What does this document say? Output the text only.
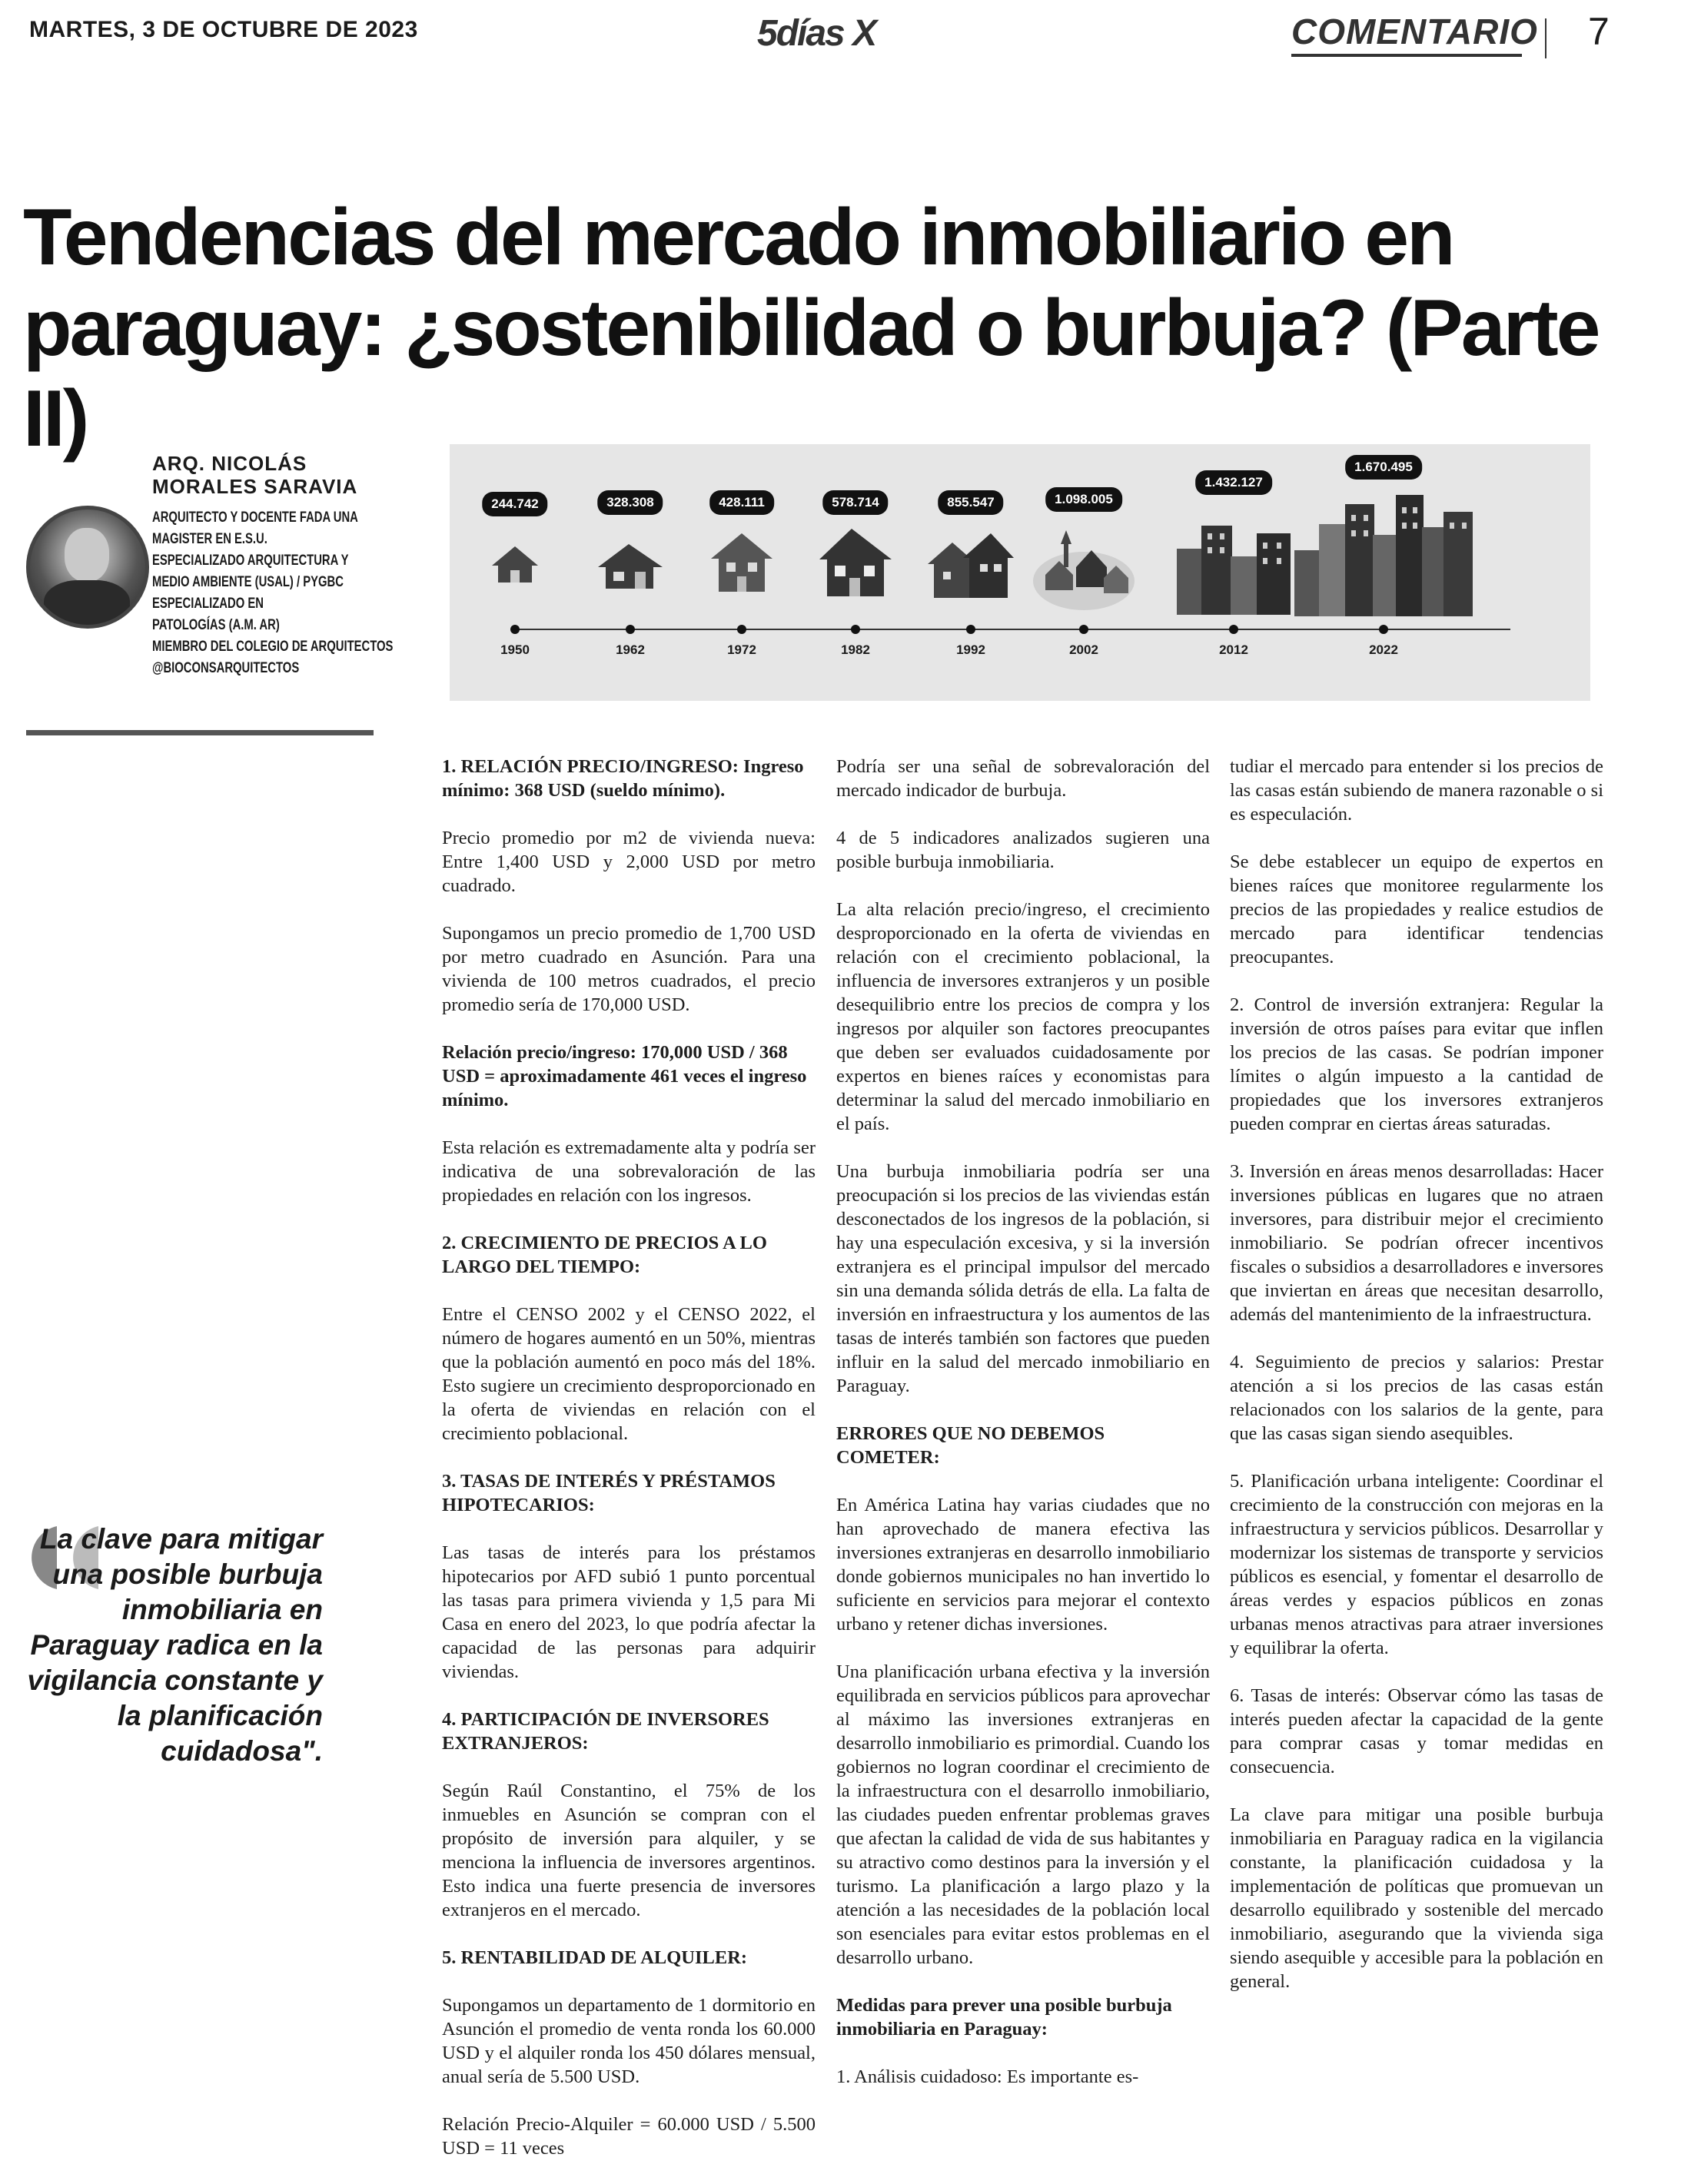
MARTES, 3 DE OCTUBRE DE 2023	5días X	COMENTARIO 7
Tendencias del mercado inmobiliario en paraguay: ¿sostenibilidad o burbuja? (Parte II)	ARQ. NICOLÁS
MORALES SARAVIA
ARQUITECTO Y DOCENTE FADA UNA
MAGISTER EN E.S.U.
ESPECIALIZADO ARQUITECTURA Y
MEDIO AMBIENTE (USAL) / PYGBC
ESPECIALIZADO EN
PATOLOGÍAS (A.M. AR)
MIEMBRO DEL COLEGIO DE ARQUITECTOS
@BIOCONSARQUITECTOS
244.742
1950
328.308
1962
428.111
1972
578.714
1982
855.547
1992
1.098.005
2002
1.432.127
2012
1.670.495
2022
La clave para mitigar una posible burbuja inmobiliaria en Paraguay radica en la vigilancia constante y la planificación cuidadosa".

1. RELACIÓN PRECIO/INGRESO: Ingreso mínimo: 368 USD (sueldo mínimo).

Precio promedio por m2 de vivienda nueva: Entre 1,400 USD y 2,000 USD por metro cuadrado.

Supongamos un precio promedio de 1,700 USD por metro cuadrado en Asunción. Para una vivienda de 100 metros cuadrados, el precio promedio sería de 170,000 USD.

Relación precio/ingreso: 170,000 USD / 368 USD = aproximadamente 461 veces el ingreso mínimo.

Esta relación es extremadamente alta y podría ser indicativa de una sobrevaloración de las propiedades en relación con los ingresos.

2. CRECIMIENTO DE PRECIOS A LO LARGO DEL TIEMPO:

Entre el CENSO 2002 y el CENSO 2022, el número de hogares aumentó en un 50%, mientras que la población aumentó en poco más del 18%. Esto sugiere un crecimiento desproporcionado en la oferta de viviendas en relación con el crecimiento poblacional.

3. TASAS DE INTERÉS Y PRÉSTAMOS HIPOTECARIOS:

Las tasas de interés para los préstamos hipotecarios por AFD subió 1 punto porcentual las tasas para primera vivienda y 1,5 para Mi Casa en enero del 2023, lo que podría afectar la capacidad de las personas para adquirir viviendas.

4. PARTICIPACIÓN DE INVERSORES EXTRANJEROS:

Según Raúl Constantino, el 75% de los inmuebles en Asunción se compran con el propósito de inversión para alquiler, y se menciona la influencia de inversores argentinos. Esto indica una fuerte presencia de inversores extranjeros en el mercado.

5. RENTABILIDAD DE ALQUILER:

Supongamos un departamento de 1 dormitorio en Asunción el promedio de venta ronda los 60.000 USD y el alquiler ronda los 450 dólares mensual, anual sería de 5.500 USD.

Relación Precio-Alquiler = 60.000 USD / 5.500 USD = 11 veces

Podría ser una señal de sobrevaloración del mercado indicador de burbuja.

4 de 5 indicadores analizados sugieren una posible burbuja inmobiliaria.

La alta relación precio/ingreso, el crecimiento desproporcionado en la oferta de viviendas en relación con el crecimiento poblacional, la influencia de inversores extranjeros y un posible desequilibrio entre los precios de compra y los ingresos por alquiler son factores preocupantes que deben ser evaluados cuidadosamente por expertos en bienes raíces y economistas para determinar la salud del mercado inmobiliario en el país.

Una burbuja inmobiliaria podría ser una preocupación si los precios de las viviendas están desconectados de los ingresos de la población, si hay una especulación excesiva, y si la inversión extranjera es el principal impulsor del mercado sin una demanda sólida detrás de ella. La falta de inversión en infraestructura y los aumentos de las tasas de interés también son factores que pueden influir en la salud del mercado inmobiliario en Paraguay.

ERRORES QUE NO DEBEMOS COMETER:

En América Latina hay varias ciudades que no han aprovechado de manera efectiva las inversiones extranjeras en desarrollo inmobiliario donde gobiernos municipales no han invertido lo suficiente en servicios para mejorar el contexto urbano y retener dichas inversiones.

Una planificación urbana efectiva y la inversión equilibrada en servicios públicos para aprovechar al máximo las inversiones extranjeras en desarrollo inmobiliario es primordial. Cuando los gobiernos no logran coordinar el crecimiento de la infraestructura con el desarrollo inmobiliario, las ciudades pueden enfrentar problemas graves que afectan la calidad de vida de sus habitantes y su atractivo como destinos para la inversión y el turismo. La planificación a largo plazo y la atención a las necesidades de la población local son esenciales para evitar estos problemas en el desarrollo urbano.

Medidas para prever una posible burbuja inmobiliaria en Paraguay:

1. Análisis cuidadoso: Es importante es-

tudiar el mercado para entender si los precios de las casas están subiendo de manera razonable o si es especulación.

Se debe establecer un equipo de expertos en bienes raíces que monitoree regularmente los precios de las propiedades y realice estudios de mercado para identificar tendencias preocupantes.

2. Control de inversión extranjera: Regular la inversión de otros países para evitar que inflen los precios de las casas. Se podrían imponer límites o algún impuesto a la cantidad de propiedades que los inversores extranjeros pueden comprar en ciertas áreas saturadas.

3. Inversión en áreas menos desarrolladas: Hacer inversiones públicas en lugares que no atraen inversores, para distribuir mejor el crecimiento inmobiliario. Se podrían ofrecer incentivos fiscales o subsidios a desarrolladores e inversores que inviertan en áreas que necesitan desarrollo, además del mantenimiento de la infraestructura.

4. Seguimiento de precios y salarios: Prestar atención a si los precios de las casas están relacionados con los salarios de la gente, para que las casas sigan siendo asequibles.

5. Planificación urbana inteligente: Coordinar el crecimiento de la construcción con mejoras en la infraestructura y servicios públicos. Desarrollar y modernizar los sistemas de transporte y servicios públicos es esencial, y fomentar el desarrollo de áreas verdes y espacios públicos en zonas urbanas menos atractivas para atraer inversiones y equilibrar la oferta.

6. Tasas de interés: Observar cómo las tasas de interés pueden afectar la capacidad de la gente para comprar casas y tomar medidas en consecuencia.

La clave para mitigar una posible burbuja inmobiliaria en Paraguay radica en la vigilancia constante, la planificación cuidadosa y la implementación de políticas que promuevan un desarrollo equilibrado y sostenible del mercado inmobiliario, asegurando que la vivienda siga siendo asequible y accesible para la población en general.
